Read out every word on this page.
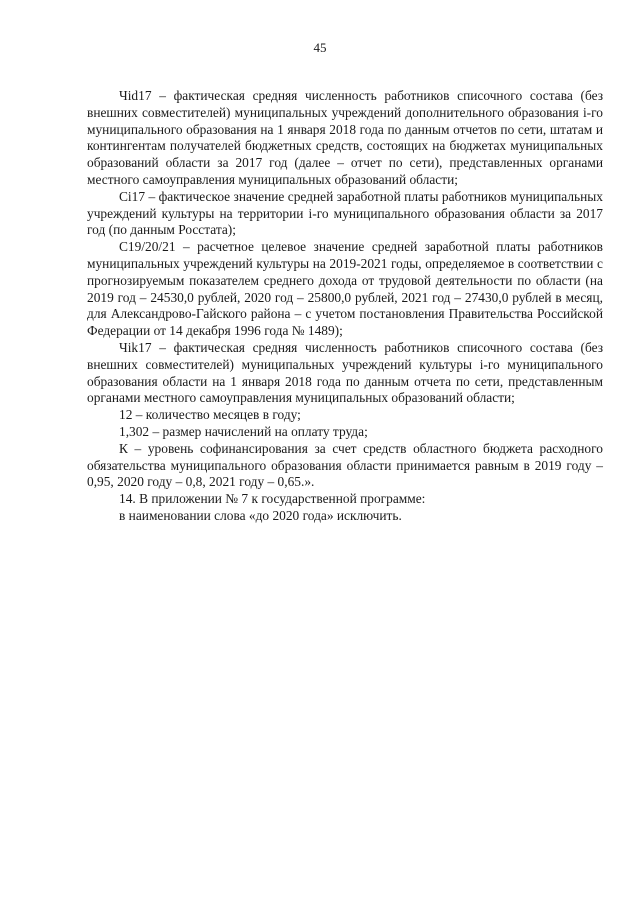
45

Чid17 – фактическая средняя численность работников списочного состава (без внешних совместителей) муниципальных учреждений дополнительного образования i-го муниципального образования на 1 января 2018 года по данным отчетов по сети, штатам и контингентам получателей бюджетных средств, состоящих на бюджетах муниципальных образований области за 2017 год (далее – отчет по сети), представленных органами местного самоуправления муниципальных образований области;

Сi17 – фактическое значение средней заработной платы работников муниципальных учреждений культуры на территории i-го муниципального образования области за 2017 год (по данным Росстата);

С19/20/21 – расчетное целевое значение средней заработной платы работников муниципальных учреждений культуры на 2019-2021 годы, определяемое в соответствии с прогнозируемым показателем среднего дохода от трудовой деятельности по области (на 2019 год – 24530,0 рублей, 2020 год – 25800,0 рублей, 2021 год – 27430,0 рублей в месяц, для Александрово-Гайского района – с учетом постановления Правительства Российской Федерации от 14 декабря 1996 года № 1489);

Чik17 – фактическая средняя численность работников списочного состава (без внешних совместителей) муниципальных учреждений культуры i-го муниципального образования области на 1 января 2018 года по данным отчета по сети, представленным органами местного самоуправления муниципальных образований области;

12 – количество месяцев в году;

1,302 – размер начислений на оплату труда;

К – уровень софинансирования за счет средств областного бюджета расходного обязательства муниципального образования области принимается равным в 2019 году – 0,95, 2020 году – 0,8, 2021 году – 0,65.».

14. В приложении № 7 к государственной программе:

в наименовании слова «до 2020 года» исключить.
